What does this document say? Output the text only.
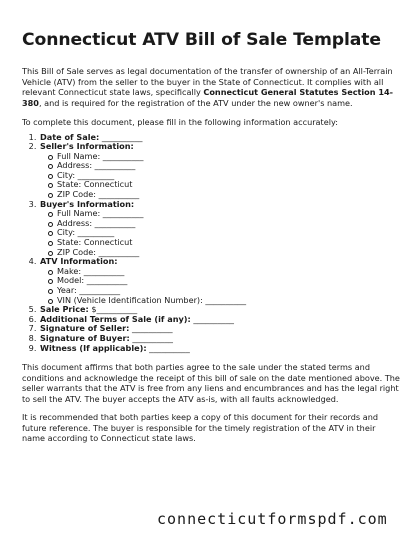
Connecticut ATV Bill of Sale Template

This Bill of Sale serves as legal documentation of the transfer of ownership of an All-Terrain Vehicle (ATV) from the seller to the buyer in the State of Connecticut. It complies with all relevant Connecticut state laws, specifically Connecticut General Statutes Section 14-380, and is required for the registration of the ATV under the new owner's name.

To complete this document, please fill in the following information accurately:

1. Date of Sale: __________
2. Seller's Information:
Full Name: __________
Address: __________
City: _________
State: Connecticut
ZIP Code: __________
3. Buyer's Information:
Full Name: __________
Address: __________
City: _________
State: Connecticut
ZIP Code: __________
4. ATV Information:
Make: __________
Model: __________
Year: __________
VIN (Vehicle Identification Number): __________
5. Sale Price: $__________
6. Additional Terms of Sale (if any): __________
7. Signature of Seller: __________
8. Signature of Buyer: __________
9. Witness (If applicable): __________

This document affirms that both parties agree to the sale under the stated terms and conditions and acknowledge the receipt of this bill of sale on the date mentioned above. The seller warrants that the ATV is free from any liens and encumbrances and has the legal right to sell the ATV. The buyer accepts the ATV as-is, with all faults acknowledged.

It is recommended that both parties keep a copy of this document for their records and future reference. The buyer is responsible for the timely registration of the ATV in their name according to Connecticut state laws.

connecticutformspdf.com
